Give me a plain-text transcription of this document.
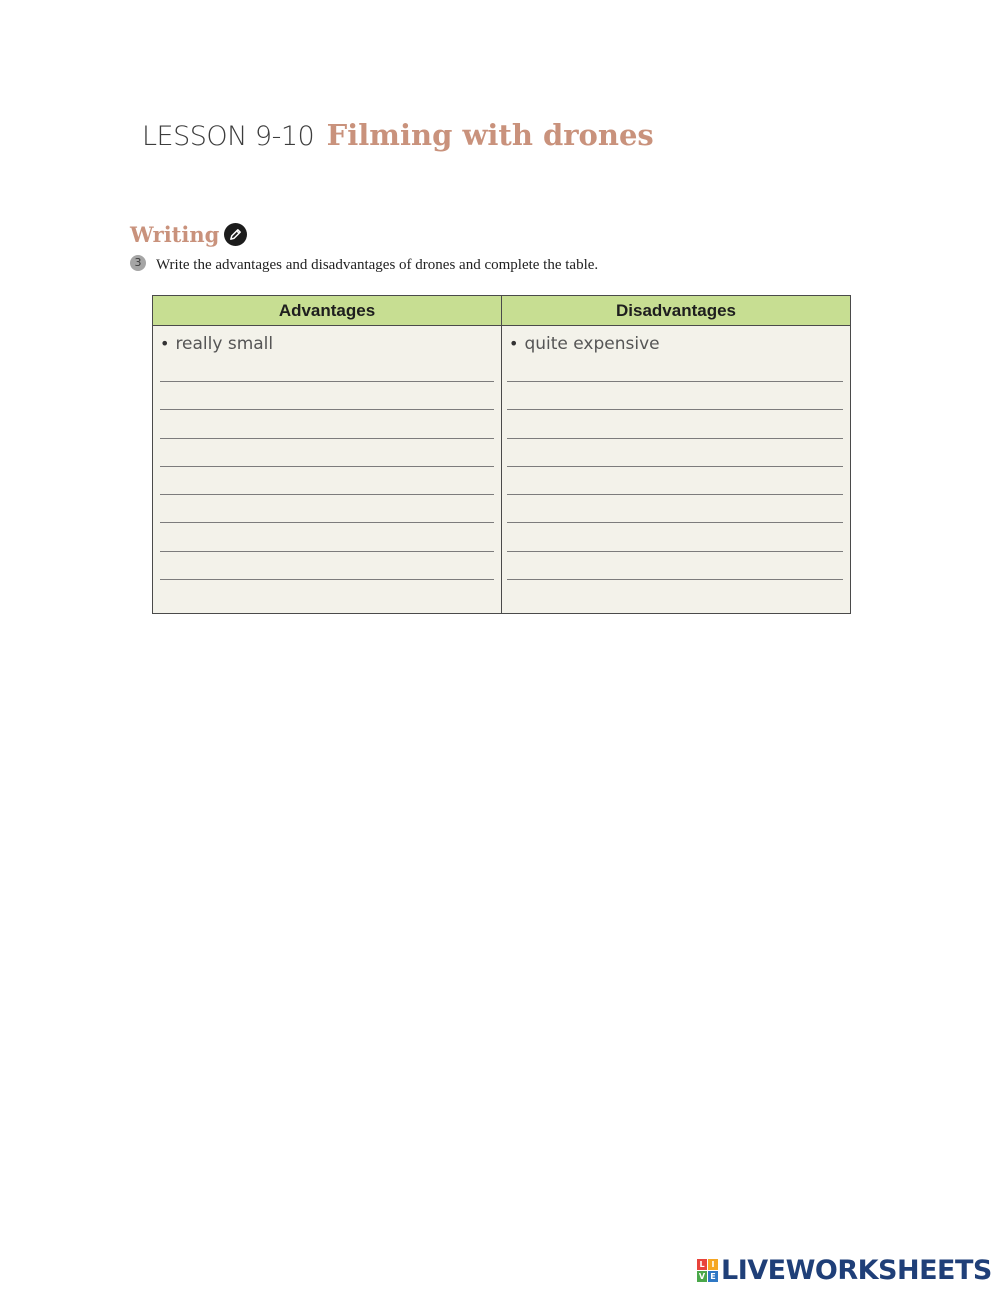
LESSON 9-10 Filming with drones
Writing
3 Write the advantages and disadvantages of drones and complete the table.
Advantages
• really small
Disadvantages
• quite expensive
L I
V E LIVEWORKSHEETS
